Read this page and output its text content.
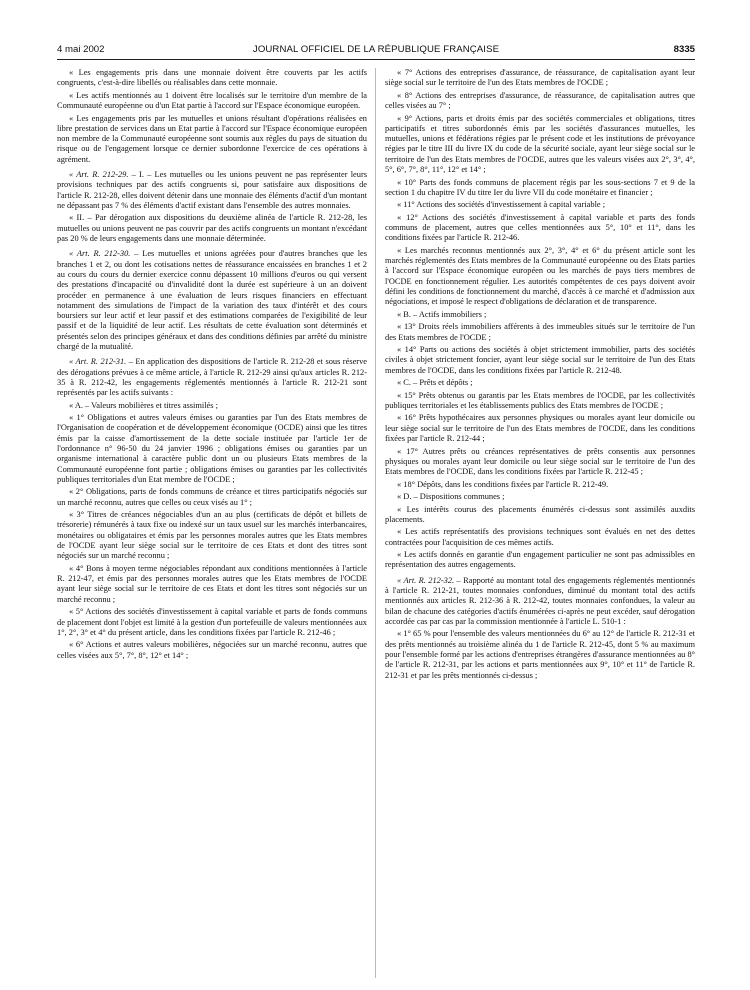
4 mai 2002	JOURNAL OFFICIEL DE LA RÉPUBLIQUE FRANÇAISE	8335

« Les engagements pris dans une monnaie doivent être couverts par les actifs congruents, c'est-à-dire libellés ou réalisables dans cette monnaie.

« Les actifs mentionnés au 1 doivent être localisés sur le territoire d'un membre de la Communauté européenne ou d'un Etat partie à l'accord sur l'Espace économique européen.

« Les engagements pris par les mutuelles et unions résultant d'opérations réalisées en libre prestation de services dans un Etat partie à l'accord sur l'Espace économique européen non membre de la Communauté européenne sont soumis aux règles du pays de situation du risque ou de l'engagement lorsque ce dernier subordonne l'exercice de ces opérations à agrément.

« Art. R. 212-29. – I. – Les mutuelles ou les unions peuvent ne pas représenter leurs provisions techniques par des actifs congruents si, pour satisfaire aux dispositions de l'article R. 212-28, elles doivent détenir dans une monnaie des éléments d'actif d'un montant ne dépassant pas 7 % des éléments d'actif existant dans l'ensemble des autres monnaies.

« II. – Par dérogation aux dispositions du deuxième alinéa de l'article R. 212-28, les mutuelles ou unions peuvent ne pas couvrir par des actifs congruents un montant n'excédant pas 20 % de leurs engagements dans une monnaie déterminée.

« Art. R. 212-30. – Les mutuelles et unions agréées pour d'autres branches que les branches 1 et 2, ou dont les cotisations nettes de réassurance encaissées en branches 1 et 2 au cours du cours du dernier exercice connu dépassent 10 millions d'euros ou qui versent des prestations d'incapacité ou d'invalidité dont la durée est supérieure à un an doivent procéder en permanence à une évaluation de leurs risques financiers en effectuant notamment des simulations de l'impact de la variation des taux d'intérêt et des cours boursiers sur leur actif et leur passif et des estimations comparées de l'exigibilité de leur passif et de la liquidité de leur actif. Les résultats de cette évaluation sont déterminés et présentés selon des principes généraux et dans des conditions définies par arrêté du ministre chargé de la mutualité.

« Art. R. 212-31. – En application des dispositions de l'article R. 212-28 et sous réserve des dérogations prévues à ce même article, à l'article R. 212-29 ainsi qu'aux articles R. 212-35 à R. 212-42, les engagements réglementés mentionnés à l'article R. 212-21 sont représentés par les actifs suivants :

« A. – Valeurs mobilières et titres assimilés ;

« 1° Obligations et autres valeurs émises ou garanties par l'un des Etats membres de l'Organisation de coopération et de développement économique (OCDE) ainsi que les titres émis par la caisse d'amortissement de la dette sociale instituée par l'article 1er de l'ordonnance n° 96-50 du 24 janvier 1996 ; obligations émises ou garanties par un organisme international à caractère public dont un ou plusieurs Etats membres de la Communauté européenne font partie ; obligations émises ou garanties par les collectivités publiques territoriales d'un Etat membre de l'OCDE ;

« 2° Obligations, parts de fonds communs de créance et titres participatifs négociés sur un marché reconnu, autres que celles ou ceux visés au 1° ;

« 3° Titres de créances négociables d'un an au plus (certificats de dépôt et billets de trésorerie) rémunérés à taux fixe ou indexé sur un taux usuel sur les marchés interbancaires, monétaires ou obligataires et émis par les personnes morales autres que les Etats membres de l'OCDE ayant leur siège social sur le territoire de ces Etats et dont des titres sont négociés sur un marché reconnu ;

« 4° Bons à moyen terme négociables répondant aux conditions mentionnées à l'article R. 212-47, et émis par des personnes morales autres que les Etats membres de l'OCDE ayant leur siège social sur le territoire de ces Etats et dont les titres sont négociés sur un marché reconnu ;

« 5° Actions des sociétés d'investissement à capital variable et parts de fonds communs de placement dont l'objet est limité à la gestion d'un portefeuille de valeurs mentionnées aux 1°, 2°, 3° et 4° du présent article, dans les conditions fixées par l'article R. 212-46 ;

« 6° Actions et autres valeurs mobilières, négociées sur un marché reconnu, autres que celles visées aux 5°, 7°, 8°, 12° et 14° ;

« 7° Actions des entreprises d'assurance, de réassurance, de capitalisation ayant leur siège social sur le territoire de l'un des Etats membres de l'OCDE ;

« 8° Actions des entreprises d'assurance, de réassurance, de capitalisation autres que celles visées au 7° ;

« 9° Actions, parts et droits émis par des sociétés commerciales et obligations, titres participatifs et titres subordonnés émis par les sociétés d'assurances mutuelles, les mutuelles, unions et fédérations régies par le présent code et les institutions de prévoyance régies par le titre III du livre IX du code de la sécurité sociale, ayant leur siège social sur le territoire de l'un des Etats membres de l'OCDE, autres que les valeurs visées aux 2°, 3°, 4°, 5°, 6°, 7°, 8°, 11°, 12° et 14° ;

« 10° Parts des fonds communs de placement régis par les sous-sections 7 et 9 de la section 1 du chapitre IV du titre Ier du livre VII du code monétaire et financier ;

« 11° Actions des sociétés d'investissement à capital variable ;

« 12° Actions des sociétés d'investissement à capital variable et parts des fonds communs de placement, autres que celles mentionnées aux 5°, 10° et 11°, dans les conditions fixées par l'article R. 212-46.

« Les marchés reconnus mentionnés aux 2°, 3°, 4° et 6° du présent article sont les marchés réglementés des Etats membres de la Communauté européenne ou des Etats parties à l'accord sur l'Espace économique européen ou les marchés de pays tiers membres de l'OCDE en fonctionnement régulier. Les autorités compétentes de ces pays doivent avoir défini les conditions de fonctionnement du marché, d'accès à ce marché et d'admission aux négociations, et imposé le respect d'obligations de déclaration et de transparence.

« B. – Actifs immobiliers ;

« 13° Droits réels immobiliers afférents à des immeubles situés sur le territoire de l'un des Etats membres de l'OCDE ;

« 14° Parts ou actions des sociétés à objet strictement immobilier, parts des sociétés civiles à objet strictement foncier, ayant leur siège social sur le territoire de l'un des Etats membres de l'OCDE, dans les conditions fixées par l'article R. 212-48.

« C. – Prêts et dépôts ;

« 15° Prêts obtenus ou garantis par les Etats membres de l'OCDE, par les collectivités publiques territoriales et les établissements publics des Etats membres de l'OCDE ;

« 16° Prêts hypothécaires aux personnes physiques ou morales ayant leur domicile ou leur siège social sur le territoire de l'un des Etats membres de l'OCDE, dans les conditions fixées par l'article R. 212-44 ;

« 17° Autres prêts ou créances représentatives de prêts consentis aux personnes physiques ou morales ayant leur domicile ou leur siège social sur le territoire de l'un des Etats membres de l'OCDE, dans les conditions fixées par l'article R. 212-45 ;

« 18° Dépôts, dans les conditions fixées par l'article R. 212-49.

« D. – Dispositions communes ;

« Les intérêts courus des placements énumérés ci-dessus sont assimilés auxdits placements.

« Les actifs représentatifs des provisions techniques sont évalués en net des dettes contractées pour l'acquisition de ces mêmes actifs.

« Les actifs donnés en garantie d'un engagement particulier ne sont pas admissibles en représentation des autres engagements.

« Art. R. 212-32. – Rapporté au montant total des engagements réglementés mentionnés à l'article R. 212-21, toutes monnaies confondues, diminué du montant total des actifs mentionnés aux articles R. 212-36 à R. 212-42, toutes monnaies confondues, la valeur au bilan de chacune des catégories d'actifs énumérées ci-après ne peut excéder, sauf dérogation accordée cas par cas par la commission mentionnée à l'article L. 510-1 :

« 1° 65 % pour l'ensemble des valeurs mentionnées du 6° au 12° de l'article R. 212-31 et des prêts mentionnés au troisième alinéa du 1 de l'article R. 212-45, dont 5 % au maximum pour l'ensemble formé par les actions d'entreprises étrangères d'assurance mentionnées au 8° de l'article R. 212-31, par les actions et parts mentionnées aux 9°, 10° et 11° de l'article R. 212-31 et par les prêts mentionnés ci-dessus ;
